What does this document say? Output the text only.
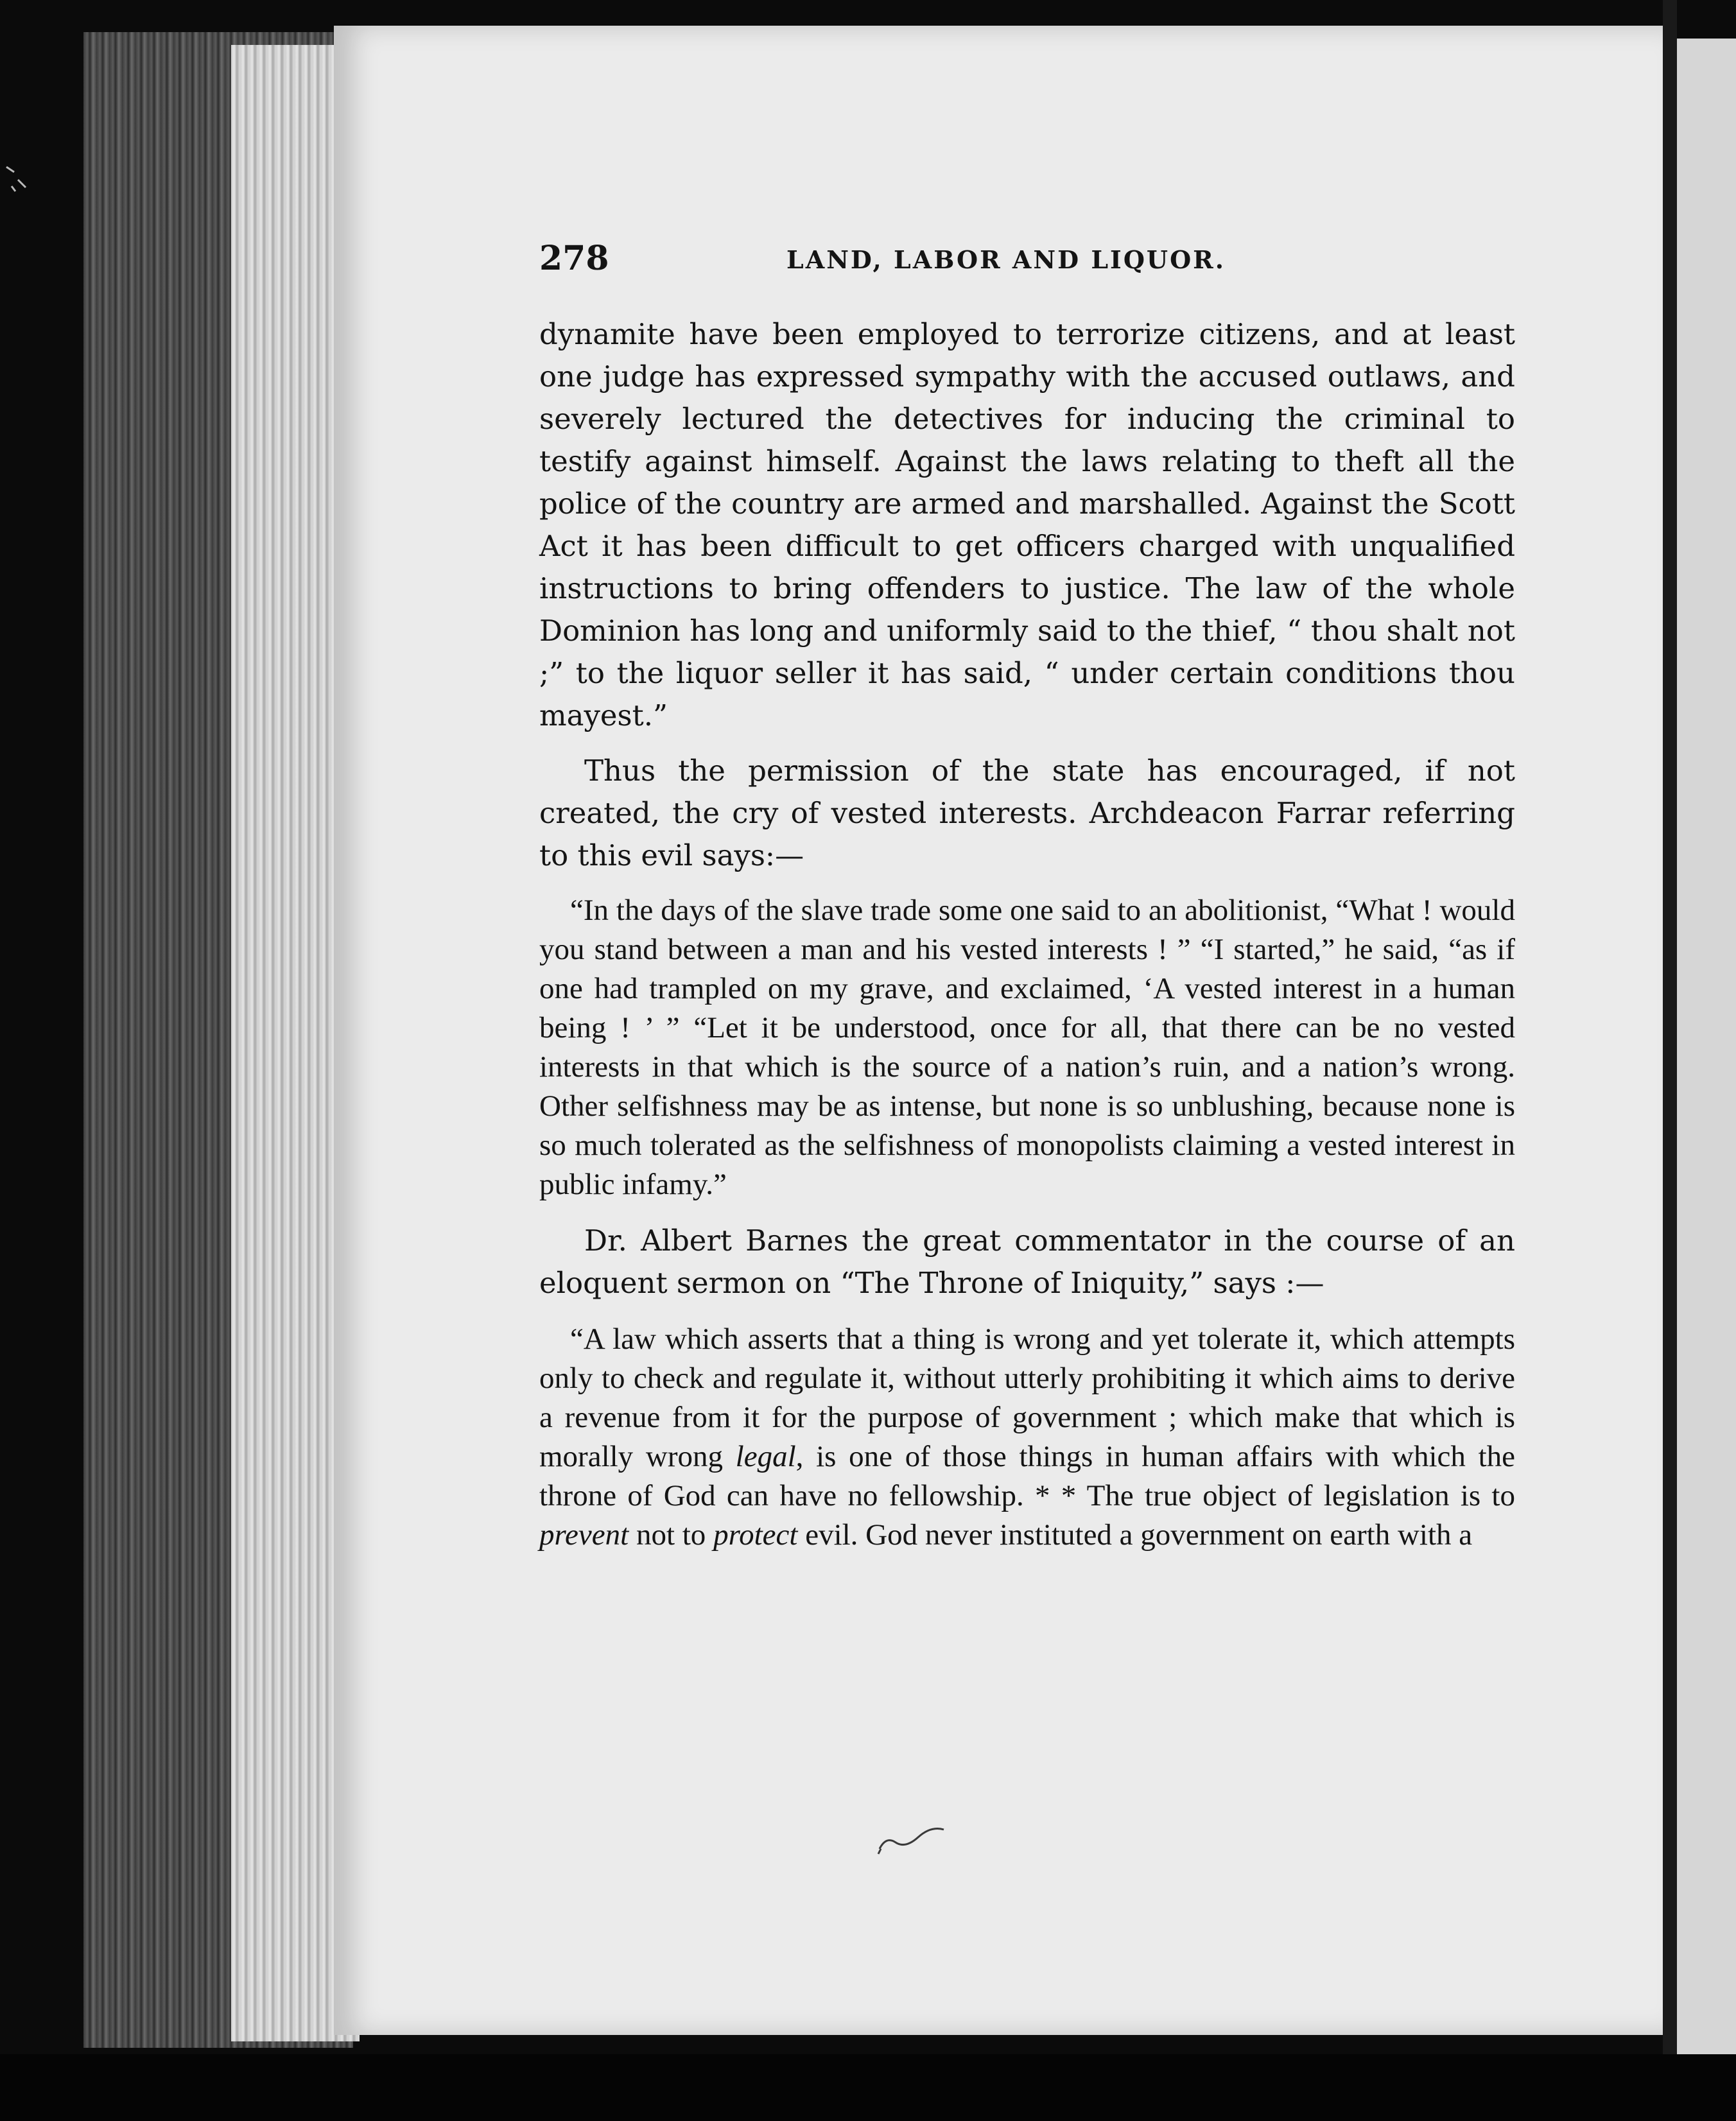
278	LAND, LABOR AND LIQUOR.

dynamite have been employed to terrorize citizens, and at least one judge has expressed sympathy with the accused outlaws, and severely lectured the detectives for inducing the criminal to testify against himself. Against the laws relating to theft all the police of the country are armed and marshalled. Against the Scott Act it has been difficult to get officers charged with unqualified instructions to bring offenders to justice. The law of the whole Dominion has long and uniformly said to the thief, “ thou shalt not ;” to the liquor seller it has said, “ under certain conditions thou mayest.”

Thus the permission of the state has encouraged, if not created, the cry of vested interests. Archdeacon Farrar referring to this evil says:—

“In the days of the slave trade some one said to an abolitionist, “What ! would you stand between a man and his vested interests ! ” “I started,” he said, “as if one had trampled on my grave, and exclaimed, ‘A vested interest in a human being ! ’ ” “Let it be understood, once for all, that there can be no vested interests in that which is the source of a nation’s ruin, and a nation’s wrong. Other selfishness may be as intense, but none is so unblushing, because none is so much tolerated as the selfishness of monopolists claiming a vested interest in public infamy.”

Dr. Albert Barnes the great commentator in the course of an eloquent sermon on “The Throne of Iniquity,” says :—

“A law which asserts that a thing is wrong and yet tolerate it, which attempts only to check and regulate it, without utterly prohibiting it which aims to derive a revenue from it for the purpose of government ; which make that which is morally wrong legal, is one of those things in human affairs with which the throne of God can have no fellowship. * * The true object of legislation is to prevent not to protect evil. God never instituted a government on earth with a
